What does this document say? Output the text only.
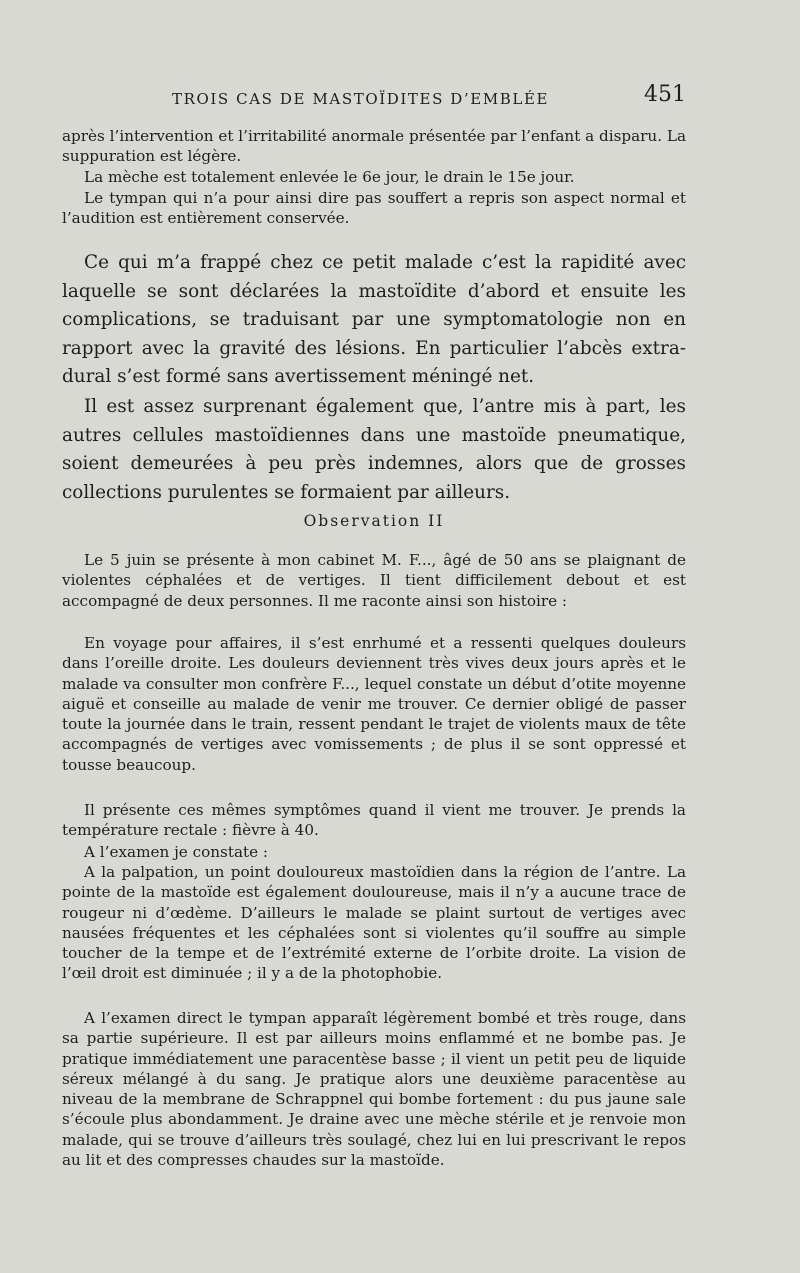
TROIS CAS DE MASTOÏDITES D’EMBLÉE	451

après l’intervention et l’irritabilité anormale présentée par l’enfant a disparu. La suppuration est légère.

La mèche est totalement enlevée le 6e jour, le drain le 15e jour.

Le tympan qui n’a pour ainsi dire pas souffert a repris son aspect normal et l’audition est entièrement conservée.

Ce qui m’a frappé chez ce petit malade c’est la rapidité avec laquelle se sont déclarées la mastoïdite d’abord et ensuite les complications, se traduisant par une symptomatologie non en rapport avec la gravité des lésions. En particulier l’abcès extra-dural s’est formé sans avertissement méningé net.

Il est assez surprenant également que, l’antre mis à part, les autres cellules mastoïdiennes dans une mastoïde pneumatique, soient demeurées à peu près indemnes, alors que de grosses collections purulentes se formaient par ailleurs.

Observation II

Le 5 juin se présente à mon cabinet M. F..., âgé de 50 ans se plaignant de violentes céphalées et de vertiges. Il tient difficilement debout et est accompagné de deux personnes. Il me raconte ainsi son histoire :

En voyage pour affaires, il s’est enrhumé et a ressenti quelques douleurs dans l’oreille droite. Les douleurs deviennent très vives deux jours après et le malade va consulter mon confrère F..., lequel constate un début d’otite moyenne aiguë et conseille au malade de venir me trouver. Ce dernier obligé de passer toute la journée dans le train, ressent pendant le trajet de violents maux de tête accompagnés de vertiges avec vomissements ; de plus il se sont oppressé et tousse beaucoup.

Il présente ces mêmes symptômes quand il vient me trouver. Je prends la température rectale : fièvre à 40.

A l’examen je constate :

A la palpation, un point douloureux mastoïdien dans la région de l’antre. La pointe de la mastoïde est également douloureuse, mais il n’y a aucune trace de rougeur ni d’œdème. D’ailleurs le malade se plaint surtout de vertiges avec nausées fréquentes et les céphalées sont si violentes qu’il souffre au simple toucher de la tempe et de l’extrémité externe de l’orbite droite. La vision de l’œil droit est diminuée ; il y a de la photophobie.

A l’examen direct le tympan apparaît légèrement bombé et très rouge, dans sa partie supérieure. Il est par ailleurs moins enflammé et ne bombe pas. Je pratique immédiatement une paracentèse basse ; il vient un petit peu de liquide séreux mélangé à du sang. Je pratique alors une deuxième paracentèse au niveau de la membrane de Schrappnel qui bombe fortement : du pus jaune sale s’écoule plus abondamment. Je draine avec une mèche stérile et je renvoie mon malade, qui se trouve d’ailleurs très soulagé, chez lui en lui prescrivant le repos au lit et des compresses chaudes sur la mastoïde.
